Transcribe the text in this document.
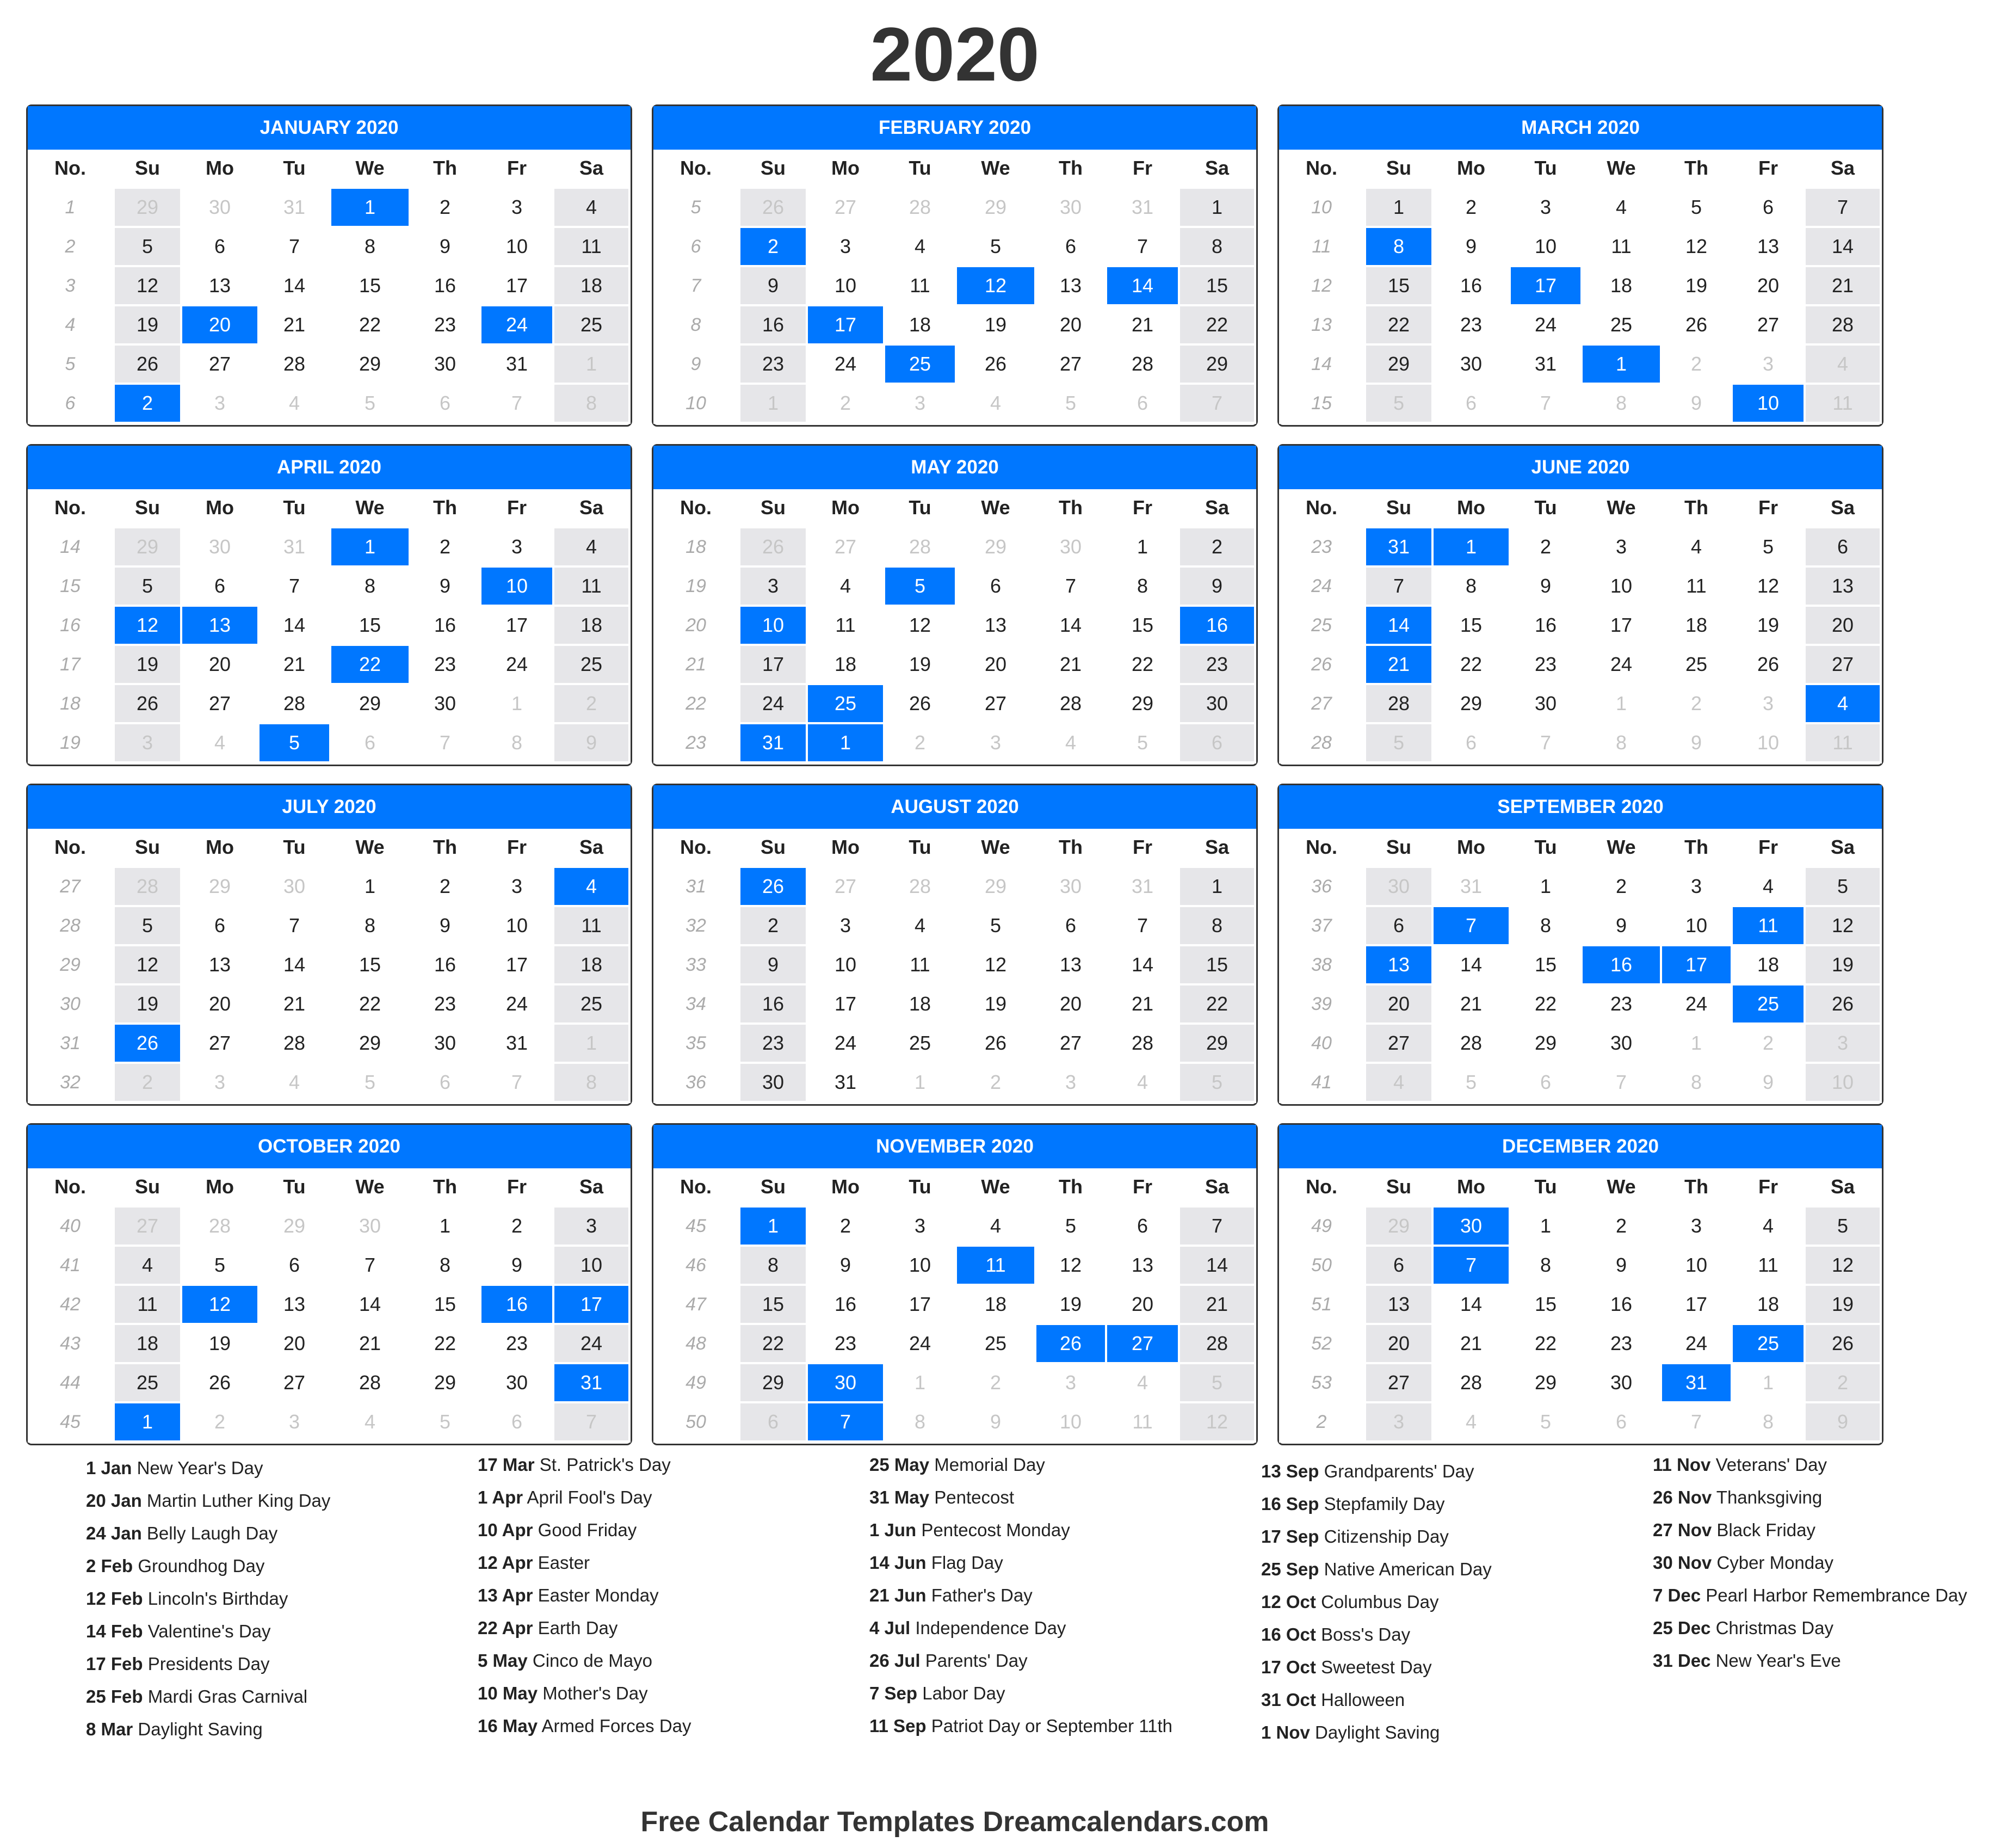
2020
JANUARY 2020
No.	Su	Mo	Tu	We	Th	Fr	Sa
1	29	30	31	1	2	3	4
2	5	6	7	8	9	10	11
3	12	13	14	15	16	17	18
4	19	20	21	22	23	24	25
5	26	27	28	29	30	31	1
6	2	3	4	5	6	7	8
FEBRUARY 2020
No.	Su	Mo	Tu	We	Th	Fr	Sa
5	26	27	28	29	30	31	1
6	2	3	4	5	6	7	8
7	9	10	11	12	13	14	15
8	16	17	18	19	20	21	22
9	23	24	25	26	27	28	29
10	1	2	3	4	5	6	7
MARCH 2020
No.	Su	Mo	Tu	We	Th	Fr	Sa
10	1	2	3	4	5	6	7
11	8	9	10	11	12	13	14
12	15	16	17	18	19	20	21
13	22	23	24	25	26	27	28
14	29	30	31	1	2	3	4
15	5	6	7	8	9	10	11
APRIL 2020
No.	Su	Mo	Tu	We	Th	Fr	Sa
14	29	30	31	1	2	3	4
15	5	6	7	8	9	10	11
16	12	13	14	15	16	17	18
17	19	20	21	22	23	24	25
18	26	27	28	29	30	1	2
19	3	4	5	6	7	8	9
MAY 2020
No.	Su	Mo	Tu	We	Th	Fr	Sa
18	26	27	28	29	30	1	2
19	3	4	5	6	7	8	9
20	10	11	12	13	14	15	16
21	17	18	19	20	21	22	23
22	24	25	26	27	28	29	30
23	31	1	2	3	4	5	6
JUNE 2020
No.	Su	Mo	Tu	We	Th	Fr	Sa
23	31	1	2	3	4	5	6
24	7	8	9	10	11	12	13
25	14	15	16	17	18	19	20
26	21	22	23	24	25	26	27
27	28	29	30	1	2	3	4
28	5	6	7	8	9	10	11
JULY 2020
No.	Su	Mo	Tu	We	Th	Fr	Sa
27	28	29	30	1	2	3	4
28	5	6	7	8	9	10	11
29	12	13	14	15	16	17	18
30	19	20	21	22	23	24	25
31	26	27	28	29	30	31	1
32	2	3	4	5	6	7	8
AUGUST 2020
No.	Su	Mo	Tu	We	Th	Fr	Sa
31	26	27	28	29	30	31	1
32	2	3	4	5	6	7	8
33	9	10	11	12	13	14	15
34	16	17	18	19	20	21	22
35	23	24	25	26	27	28	29
36	30	31	1	2	3	4	5
SEPTEMBER 2020
No.	Su	Mo	Tu	We	Th	Fr	Sa
36	30	31	1	2	3	4	5
37	6	7	8	9	10	11	12
38	13	14	15	16	17	18	19
39	20	21	22	23	24	25	26
40	27	28	29	30	1	2	3
41	4	5	6	7	8	9	10
OCTOBER 2020
No.	Su	Mo	Tu	We	Th	Fr	Sa
40	27	28	29	30	1	2	3
41	4	5	6	7	8	9	10
42	11	12	13	14	15	16	17
43	18	19	20	21	22	23	24
44	25	26	27	28	29	30	31
45	1	2	3	4	5	6	7
NOVEMBER 2020
No.	Su	Mo	Tu	We	Th	Fr	Sa
45	1	2	3	4	5	6	7
46	8	9	10	11	12	13	14
47	15	16	17	18	19	20	21
48	22	23	24	25	26	27	28
49	29	30	1	2	3	4	5
50	6	7	8	9	10	11	12
DECEMBER 2020
No.	Su	Mo	Tu	We	Th	Fr	Sa
49	29	30	1	2	3	4	5
50	6	7	8	9	10	11	12
51	13	14	15	16	17	18	19
52	20	21	22	23	24	25	26
53	27	28	29	30	31	1	2
2	3	4	5	6	7	8	9
1 Jan New Year's Day
20 Jan Martin Luther King Day
24 Jan Belly Laugh Day
2 Feb Groundhog Day
12 Feb Lincoln's Birthday
14 Feb Valentine's Day
17 Feb Presidents Day
25 Feb Mardi Gras Carnival
8 Mar Daylight Saving
17 Mar St. Patrick's Day
1 Apr April Fool's Day
10 Apr Good Friday
12 Apr Easter
13 Apr Easter Monday
22 Apr Earth Day
5 May Cinco de Mayo
10 May Mother's Day
16 May Armed Forces Day
25 May Memorial Day
31 May Pentecost
1 Jun Pentecost Monday
14 Jun Flag Day
21 Jun Father's Day
4 Jul Independence Day
26 Jul Parents' Day
7 Sep Labor Day
11 Sep Patriot Day or September 11th
13 Sep Grandparents' Day
16 Sep Stepfamily Day
17 Sep Citizenship Day
25 Sep Native American Day
12 Oct Columbus Day
16 Oct Boss's Day
17 Oct Sweetest Day
31 Oct Halloween
1 Nov Daylight Saving
11 Nov Veterans' Day
26 Nov Thanksgiving
27 Nov Black Friday
30 Nov Cyber Monday
7 Dec Pearl Harbor Remembrance Day
25 Dec Christmas Day
31 Dec New Year's Eve
Free Calendar Templates Dreamcalendars.com
